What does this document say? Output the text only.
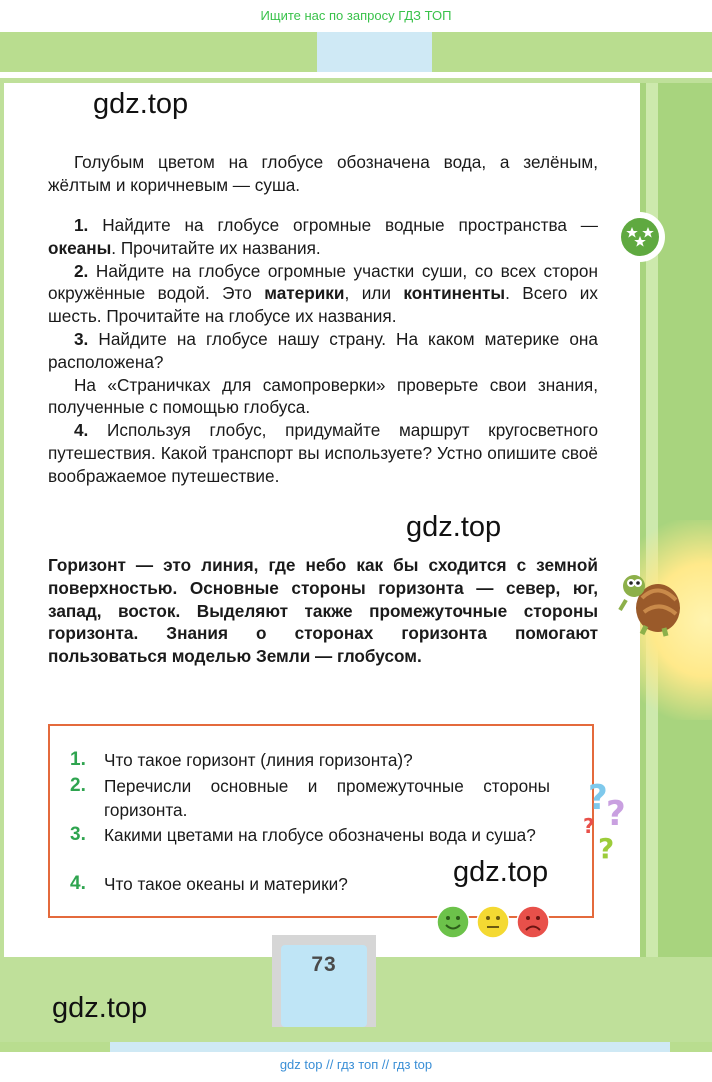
Ищите нас по запросу ГДЗ ТОП
gdz.top
gdz.top
gdz.top
gdz.top

Голубым цветом на глобусе обозначена вода, а зелёным, жёлтым и коричневым — суша.

1. Найдите на глобусе огромные водные пространства — океаны. Прочитайте их названия.

2. Найдите на глобусе огромные участки суши, со всех сторон окружённые водой. Это материки, или континенты. Всего их шесть. Прочитайте на глобусе их названия.

3. Найдите на глобусе нашу страну. На каком материке она расположена?

На «Страничках для самопроверки» проверьте свои знания, полученные с помощью глобуса.

4. Используя глобус, придумайте маршрут кругосветного путешествия. Какой транспорт вы используете? Устно опишите своё воображаемое путешествие.

Горизонт — это линия, где небо как бы сходится с земной поверхностью. Основные стороны горизонта — север, юг, запад, восток. Выделяют также промежуточные стороны горизонта. Знания о сторонах горизонта помогают пользоваться моделью Земли — глобусом.
1.	Что такое горизонт (линия горизонта)?
2.	Перечисли основные и промежуточные стороны горизонта.
3.	Какими цветами на глобусе обозначены вода и суша?
4.	Что такое океаны и материки?
?
?
?
?
73
gdz top // гдз топ // гдз top
